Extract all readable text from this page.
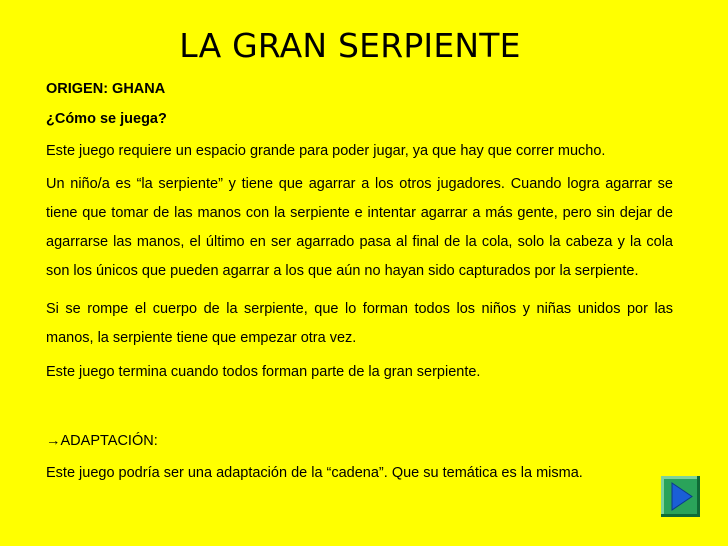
LA GRAN SERPIENTE
ORIGEN: GHANA
¿Cómo se juega?
Este juego requiere un espacio grande para poder jugar, ya que hay que correr mucho.
Un niño/a es “la serpiente” y tiene que agarrar a los otros jugadores. Cuando logra agarrar se tiene que tomar de las manos con la serpiente e intentar agarrar a más gente, pero sin dejar de agarrarse las manos, el último en ser agarrado pasa al final de la cola, solo la cabeza y la cola son los únicos que pueden agarrar a los que aún no hayan sido capturados por la serpiente.
Si se rompe el cuerpo de la serpiente, que lo forman todos los niños y niñas unidos por las manos, la serpiente tiene que empezar otra vez.
Este juego termina cuando todos forman parte de la gran serpiente.
→ADAPTACIÓN:
Este juego podría ser una adaptación de la “cadena”. Que su temática es la misma.
